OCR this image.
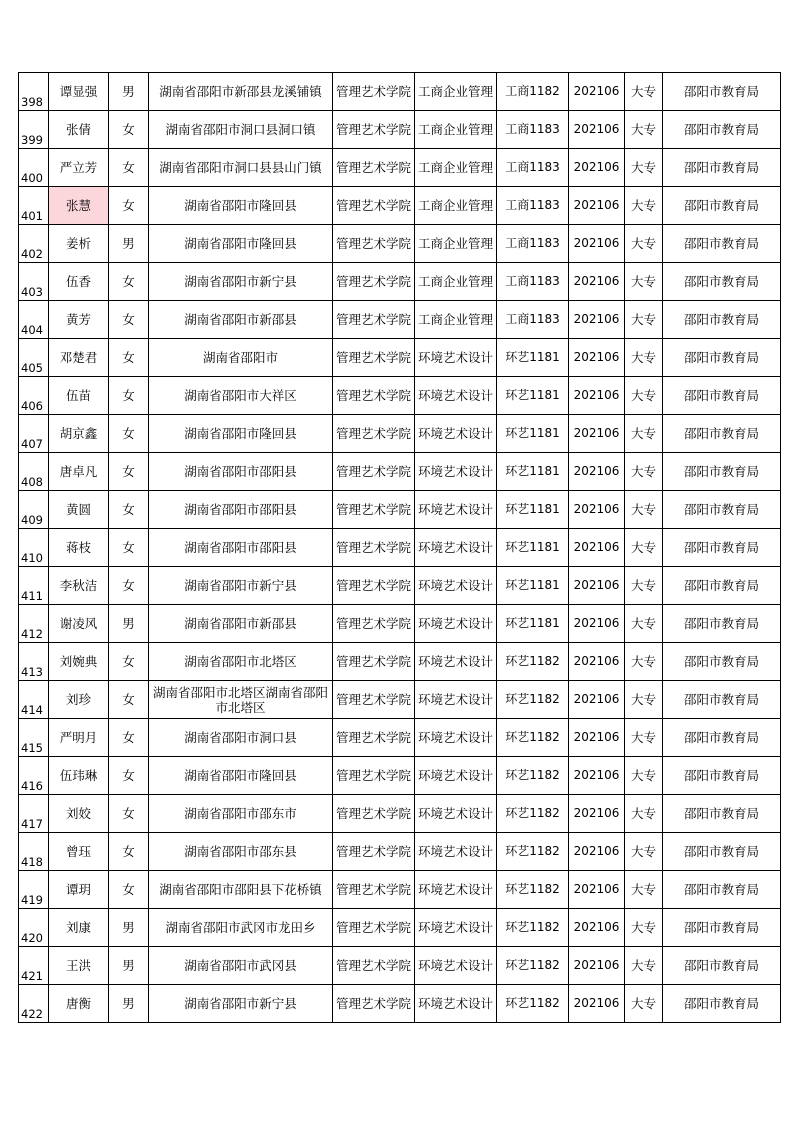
398	谭显强	男	湖南省邵阳市新邵县龙溪铺镇	管理艺术学院	工商企业管理	工商1182	202106	大专	邵阳市教育局
399	张倩	女	湖南省邵阳市洞口县洞口镇	管理艺术学院	工商企业管理	工商1183	202106	大专	邵阳市教育局
400	严立芳	女	湖南省邵阳市洞口县县山门镇	管理艺术学院	工商企业管理	工商1183	202106	大专	邵阳市教育局
401	张慧	女	湖南省邵阳市隆回县	管理艺术学院	工商企业管理	工商1183	202106	大专	邵阳市教育局
402	姜析	男	湖南省邵阳市隆回县	管理艺术学院	工商企业管理	工商1183	202106	大专	邵阳市教育局
403	伍香	女	湖南省邵阳市新宁县	管理艺术学院	工商企业管理	工商1183	202106	大专	邵阳市教育局
404	黄芳	女	湖南省邵阳市新邵县	管理艺术学院	工商企业管理	工商1183	202106	大专	邵阳市教育局
405	邓楚君	女	湖南省邵阳市	管理艺术学院	环境艺术设计	环艺1181	202106	大专	邵阳市教育局
406	伍苗	女	湖南省邵阳市大祥区	管理艺术学院	环境艺术设计	环艺1181	202106	大专	邵阳市教育局
407	胡京鑫	女	湖南省邵阳市隆回县	管理艺术学院	环境艺术设计	环艺1181	202106	大专	邵阳市教育局
408	唐卓凡	女	湖南省邵阳市邵阳县	管理艺术学院	环境艺术设计	环艺1181	202106	大专	邵阳市教育局
409	黄圆	女	湖南省邵阳市邵阳县	管理艺术学院	环境艺术设计	环艺1181	202106	大专	邵阳市教育局
410	蒋枝	女	湖南省邵阳市邵阳县	管理艺术学院	环境艺术设计	环艺1181	202106	大专	邵阳市教育局
411	李秋洁	女	湖南省邵阳市新宁县	管理艺术学院	环境艺术设计	环艺1181	202106	大专	邵阳市教育局
412	谢凌风	男	湖南省邵阳市新邵县	管理艺术学院	环境艺术设计	环艺1181	202106	大专	邵阳市教育局
413	刘婉典	女	湖南省邵阳市北塔区	管理艺术学院	环境艺术设计	环艺1182	202106	大专	邵阳市教育局
414	刘珍	女	湖南省邵阳市北塔区湖南省邵阳市北塔区	管理艺术学院	环境艺术设计	环艺1182	202106	大专	邵阳市教育局
415	严明月	女	湖南省邵阳市洞口县	管理艺术学院	环境艺术设计	环艺1182	202106	大专	邵阳市教育局
416	伍玮琳	女	湖南省邵阳市隆回县	管理艺术学院	环境艺术设计	环艺1182	202106	大专	邵阳市教育局
417	刘姣	女	湖南省邵阳市邵东市	管理艺术学院	环境艺术设计	环艺1182	202106	大专	邵阳市教育局
418	曾珏	女	湖南省邵阳市邵东县	管理艺术学院	环境艺术设计	环艺1182	202106	大专	邵阳市教育局
419	谭玥	女	湖南省邵阳市邵阳县下花桥镇	管理艺术学院	环境艺术设计	环艺1182	202106	大专	邵阳市教育局
420	刘康	男	湖南省邵阳市武冈市龙田乡	管理艺术学院	环境艺术设计	环艺1182	202106	大专	邵阳市教育局
421	王洪	男	湖南省邵阳市武冈县	管理艺术学院	环境艺术设计	环艺1182	202106	大专	邵阳市教育局
422	唐衡	男	湖南省邵阳市新宁县	管理艺术学院	环境艺术设计	环艺1182	202106	大专	邵阳市教育局
